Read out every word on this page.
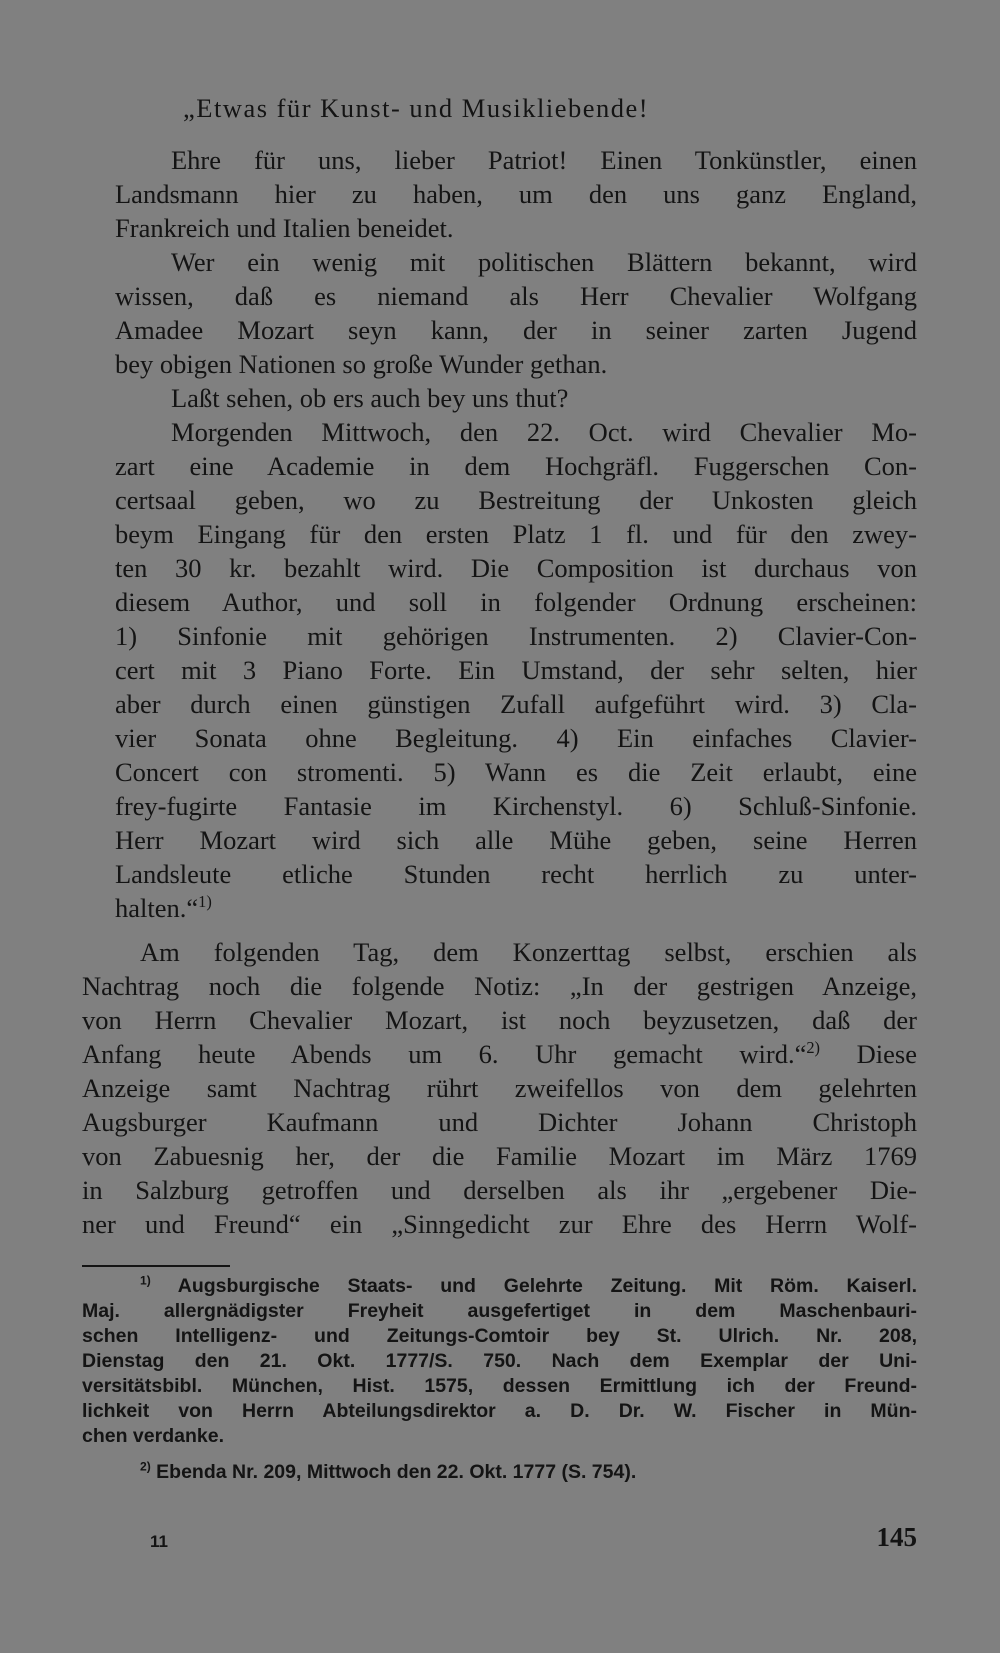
„Etwas für Kunst- und Musikliebende!
Ehre für uns, lieber Patriot! Einen Tonkünstler, einen
Landsmann hier zu haben, um den uns ganz England,
Frankreich und Italien beneidet.
Wer ein wenig mit politischen Blättern bekannt, wird
wissen, daß es niemand als Herr Chevalier Wolfgang
Amadee Mozart seyn kann, der in seiner zarten Jugend
bey obigen Nationen so große Wunder gethan.
Laßt sehen, ob ers auch bey uns thut?
Morgenden Mittwoch, den 22. Oct. wird Chevalier Mo-
zart eine Academie in dem Hochgräfl. Fuggerschen Con-
certsaal geben, wo zu Bestreitung der Unkosten gleich
beym Eingang für den ersten Platz 1 fl. und für den zwey-
ten 30 kr. bezahlt wird. Die Composition ist durchaus von
diesem Author, und soll in folgender Ordnung erscheinen:
1) Sinfonie mit gehörigen Instrumenten. 2) Clavier-Con-
cert mit 3 Piano Forte. Ein Umstand, der sehr selten, hier
aber durch einen günstigen Zufall aufgeführt wird. 3) Cla-
vier Sonata ohne Begleitung. 4) Ein einfaches Clavier-
Concert con stromenti. 5) Wann es die Zeit erlaubt, eine
frey-fugirte Fantasie im Kirchenstyl. 6) Schluß-Sinfonie.
Herr Mozart wird sich alle Mühe geben, seine Herren
Landsleute etliche Stunden recht herrlich zu unter-
halten.“$^{1)}$
Am folgenden Tag, dem Konzerttag selbst, erschien als
Nachtrag noch die folgende Notiz: „In der gestrigen Anzeige,
von Herrn Chevalier Mozart, ist noch beyzusetzen, daß der
Anfang heute Abends um 6. Uhr gemacht wird.“$^{2)}$ Diese
Anzeige samt Nachtrag rührt zweifellos von dem gelehrten
Augsburger Kaufmann und Dichter Johann Christoph
von Zabuesnig her, der die Familie Mozart im März 1769
in Salzburg getroffen und derselben als ihr „ergebener Die-
ner und Freund“ ein „Sinngedicht zur Ehre des Herrn Wolf-
$^{1)}$ Augsburgische Staats- und Gelehrte Zeitung. Mit Röm. Kaiserl.
Maj. allergnädigster Freyheit ausgefertiget in dem Maschenbauri-
schen Intelligenz- und Zeitungs-Comtoir bey St. Ulrich. Nr. 208,
Dienstag den 21. Okt. 1777/S. 750. Nach dem Exemplar der Uni-
versitätsbibl. München, Hist. 1575, dessen Ermittlung ich der Freund-
lichkeit von Herrn Abteilungsdirektor a. D. Dr. W. Fischer in Mün-
chen verdanke.
$^{2)}$ Ebenda Nr. 209, Mittwoch den 22. Okt. 1777 (S. 754).
11	145
